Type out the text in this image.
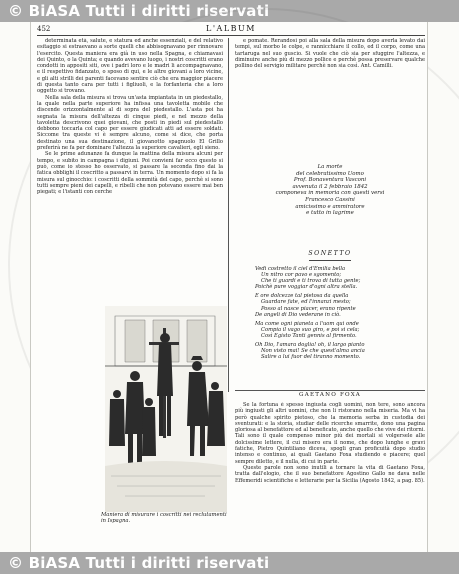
© BiASA Tutti i diritti riservati
452	L'ALBUM

determinata età, salute, e statura ed anche essenziali, e del relativo esitaggio si estraevano a sorte quelli che abbisognavano per rinnovare l'esercito. Questa maniera era già in uso nella Spagna, e chiamavasi dei Quinto, o la Quinta; e quando avevano luogo, i nostri coscritti erano condotti in appositi siti, ove i padri loro e le madri li accompagnavano, e il respettivo fidanzato, o sposo di qui, e le altre giovani a loro vicine, e gli alti strilli dei parenti facevano sentire ciò che era maggior piacere di questa tanto cara per tutti i figliuoli, e la forfanteria che a loro oggetto si trovano.

Nella sala della misura si trova un'asta impiantata in un piedestallo, la quale nella parte superiore ha infissa una tavoletta mobile che discende orizzontalmente al di sopra del piedestallo. L'asta poi ha segnata la misura dell'altezza di cinque piedi, e nel mezzo della tavoletta descrivono quei giovani, che posti in piedi sul piedestallo debbono toccarla col capo per essere giudicati atti ad essere soldati. Siccome tra queste vi è sempre alcuno, come si dice, che porta destinato una sua destinazione, il giovanotto spagnuolo El Grillo preferirà ne fa per dominare l'altezza la superiore cavalieri, egli sieno.

Se le prime adunanze fa dunque la mattina della misura alcuni per tempo, e subito in campagna i digiuni. Poi convieni far ecco questo si può, come io stesso ho osservato, si passare la seconda fino dai la fatica obblighi il coscritto a passarvi in terra. Un momento dopo si fa la misura sul ginocchio: i coscritti della sommità del capo, perchè si sono tutti sempre pieni dei capelli, e ribelli che non potevano essere mai ben piegati; e l'istanti con cerche

e pomate. Rerandosi poi alla sala della misura dopo averla levato dai tempi, sul morbo le colpe, e rannicchiare il collo, ed il corpo, come una tartaruga nel suo guscio. Si vuole che ciò sia per sfuggire l'altezza, e diminuire anche più di mezzo pollice e perchè possa preservare qualche pollino del servigio militare perchè non sia così. Ant. Camilli.

La morte
del celebratissimo Uomo
Prof. Bonaventura Vasconi
avvenuta il 2 febbraio 1842
componeva in memoria con questi versi
Francesco Cassini
amicissimo e ammiratore
e tutto in lagrime
SONETTO
Vedi costretto il ciel d'Emilia bella
Un nitro cor pavo e sgomento;
Che ti guardi e ti trova di tutta gente;
Poichè pure voggiar d'ogni altra stella.
E ore dolcezze tal pietosa da quella
Guardare fate, ed l'innanzi mesto;
Posso al nasce piacer, erano ripente
De angeli di Dio vederane in ciò.
Ma come ogni pianeta a l'uom qui onde
Compia il vago suo giro, e poi si cela;
Così Egisto Tanti gennis al firmento.
Oh Dio, l'amara doglia! oh, il largo pianto
Non visto mai! Se che quest'alma ancia
Salire a lui fuor del tiranno momento.
GAETANO FOXA

Se la fortuna è spesso ingiusta cogli uomini, non tere, sono ancora più ingiusti gli altri uomini, che non li ristorano nella miseria. Ma vi ha però qualche spirito pietoso, che la memoria serba in custodia dei sventurati: e la storia, studiar delle ricerche smarrite, dono una pagina gloriosa al benefattore ed al beneficato, anche quello che vive dei ritorni. Tali sono il quale compenso minor più dei mortali si volgersele alle dolcissime lettere, il cui misero era il nome, che dopo lunghe e gravi fatiche, Pietro Quintiliano diceva, spogli gran proficuità dopo studio intenso e continuo, ai quali Gaetano Foxa studiendo e piacere; quel sempre diletto, e il nulla, di cui in parte.

Queste parole non sono inutili a tornare la vita di Gaetano Foxa, tratta dall'elogio, che il suo benefattore Agostino Gallo ne dava nelle Effemeridi scientifiche e letterarie per la Sicilia (Agosto 1842, a pag. 85).

Maniera di misurare i coscritti nei reclutamenti in Ispagna.
© BiASA Tutti i diritti riservati
